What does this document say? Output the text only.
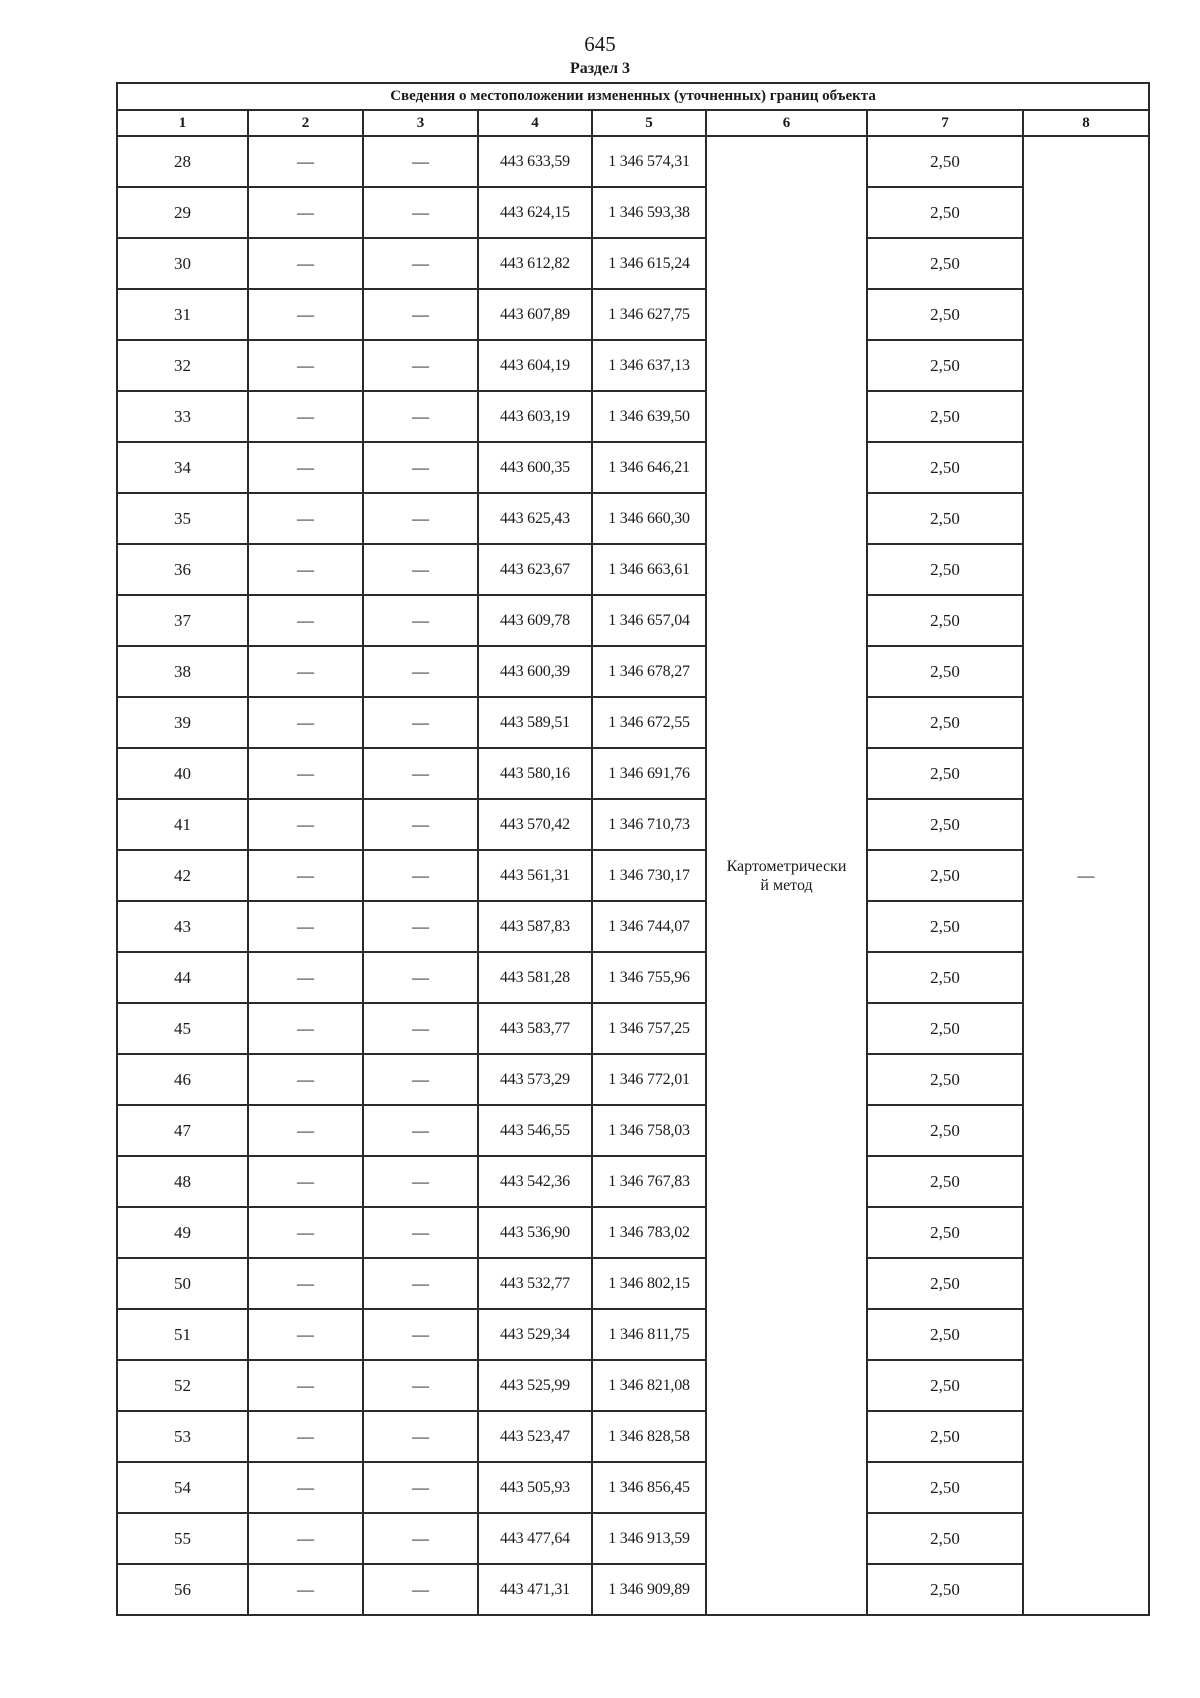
645
Раздел 3
Сведения о местоположении измененных (уточненных) границ объекта							
1	2	3	4	5	6	7	8
28	—	—	443 633,59	1 346 574,31	Картометрически
й метод	2,50	—
29	—	—	443 624,15	1 346 593,38		2,50	
30	—	—	443 612,82	1 346 615,24		2,50	
31	—	—	443 607,89	1 346 627,75		2,50	
32	—	—	443 604,19	1 346 637,13		2,50	
33	—	—	443 603,19	1 346 639,50		2,50	
34	—	—	443 600,35	1 346 646,21		2,50	
35	—	—	443 625,43	1 346 660,30		2,50	
36	—	—	443 623,67	1 346 663,61		2,50	
37	—	—	443 609,78	1 346 657,04		2,50	
38	—	—	443 600,39	1 346 678,27		2,50	
39	—	—	443 589,51	1 346 672,55		2,50	
40	—	—	443 580,16	1 346 691,76		2,50	
41	—	—	443 570,42	1 346 710,73		2,50	
42	—	—	443 561,31	1 346 730,17		2,50	
43	—	—	443 587,83	1 346 744,07		2,50	
44	—	—	443 581,28	1 346 755,96		2,50	
45	—	—	443 583,77	1 346 757,25		2,50	
46	—	—	443 573,29	1 346 772,01		2,50	
47	—	—	443 546,55	1 346 758,03		2,50	
48	—	—	443 542,36	1 346 767,83		2,50	
49	—	—	443 536,90	1 346 783,02		2,50	
50	—	—	443 532,77	1 346 802,15		2,50	
51	—	—	443 529,34	1 346 811,75		2,50	
52	—	—	443 525,99	1 346 821,08		2,50	
53	—	—	443 523,47	1 346 828,58		2,50	
54	—	—	443 505,93	1 346 856,45		2,50	
55	—	—	443 477,64	1 346 913,59		2,50	
56	—	—	443 471,31	1 346 909,89		2,50	
